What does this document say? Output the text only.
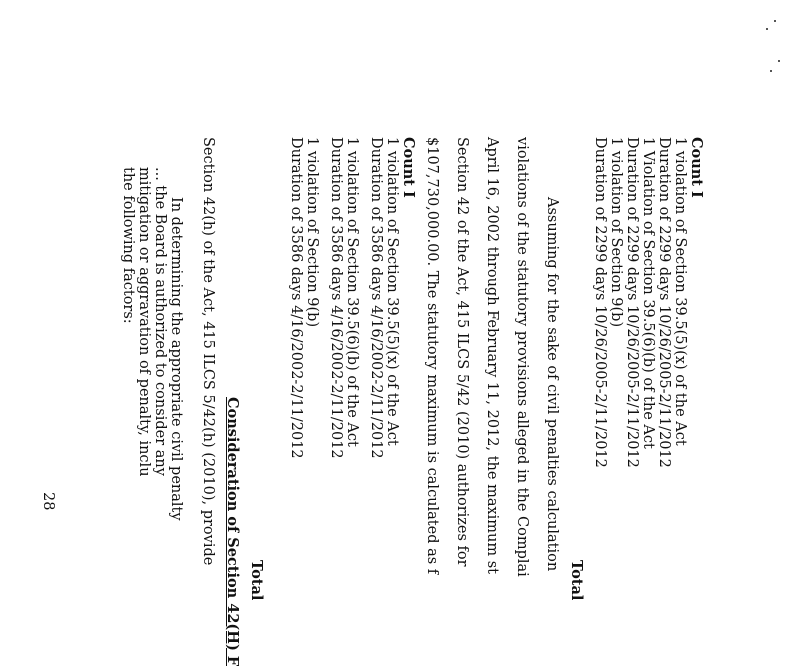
Count I
1 violation of Section 39.5(5)(x) of the Act
Duration of 2299 days 10/26/2005-2/11/2012
1 Violation of Section 39.5(6)(b) of the Act
Duration of 2299 days 10/26/2005-2/11/2012
1 violation of Section 9(b)
Duration of 2299 days 10/26/2005-2/11/2012
Total
Assuming for the sake of civil penalties calculation
violations of the statutory provisions alleged in the Complai
April 16, 2002 through February 11, 2012, the maximum st
Section 42 of the Act, 415 ILCS 5/42 (2010) authorizes for
$107,730,000.00. The statutory maximum is calculated as f
Count I
1 violation of Section 39.5(5)(x) of the Act
Duration of 3586 days 4/16/2002-2/11/2012
1 violation of Section 39.5(6)(b) of the Act
Duration of 3586 days 4/16/2002-2/11/2012
1 violation of Section 9(b)
Duration of 3586 days 4/16/2002-2/11/2012
Total
Consideration of Section 42(H) F
Section 42(h) of the Act, 415 ILCS 5/42(h) (2010), provide
In determining the appropriate civil penalty
... the Board is authorized to consider any
mitigation or aggravation of penalty, inclu
the following factors:
28
